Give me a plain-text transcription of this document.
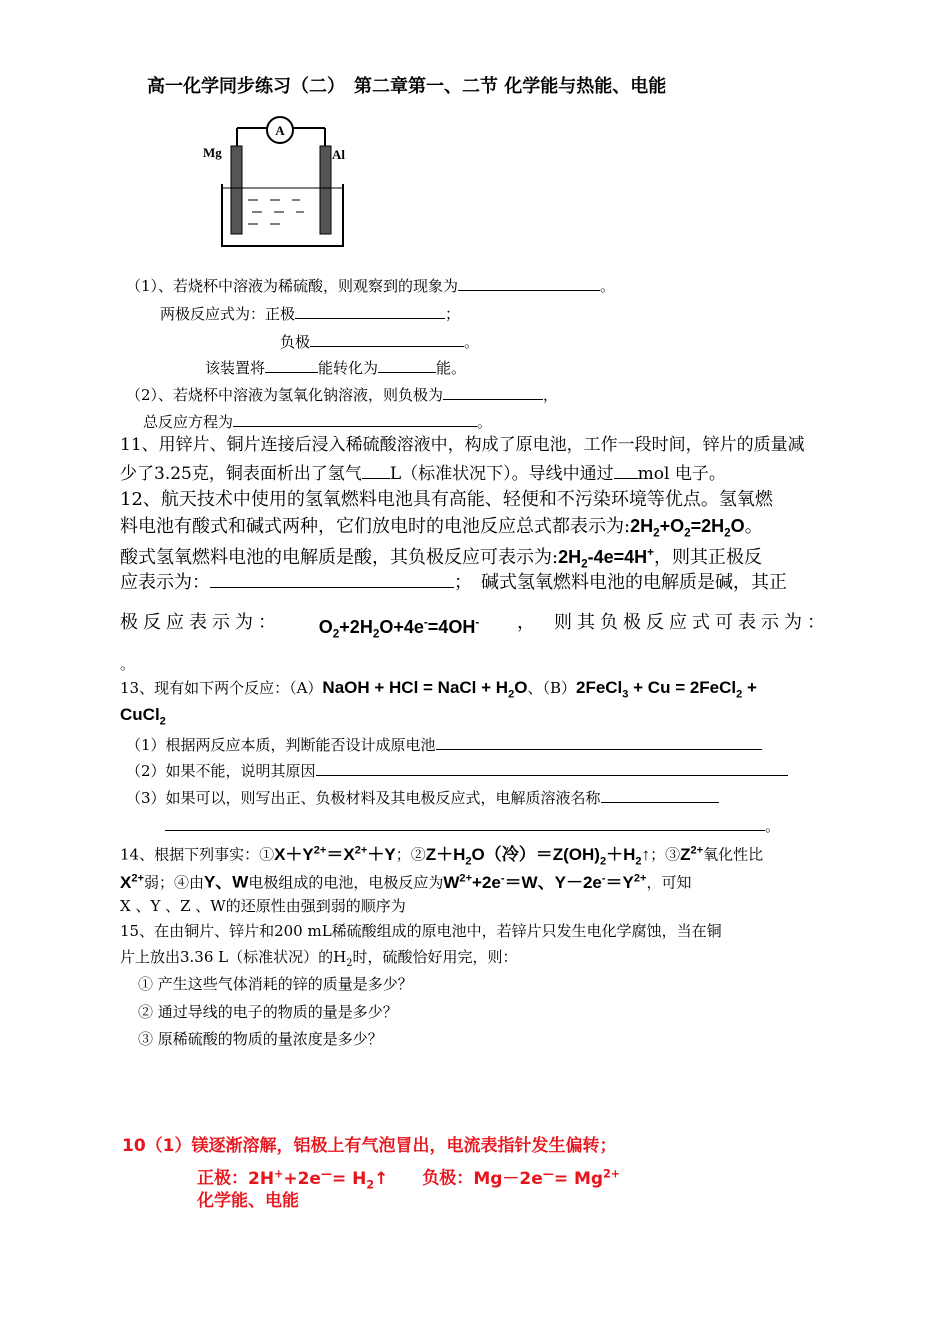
高一化学同步练习（二）　第二章第一、二节 化学能与热能、电能
A
Mg	Al
（1）、若烧杯中溶液为稀硫酸，则观察到的现象为	。
两极反应式为：正极	；
负极	。
该装置将	能转化为	能。
（2）、若烧杯中溶液为氢氧化钠溶液，则负极为	，
总反应方程为	。
11、用锌片、铜片连接后浸入稀硫酸溶液中，构成了原电池，工作一段时间，锌片的质量减
少了3.25克，铜表面析出了氢气 L（标准状况下）。导线中通过 mol 电子。
12、航天技术中使用的氢氧燃料电池具有高能、轻便和不污染环境等优点。氢氧燃
料电池有酸式和碱式两种，它们放电时的电池反应总式都表示为$:2H_2+O_2=2H_2O$。
酸式氢氧燃料电池的电解质是酸，其负极反应可表示为$:2H_2-4e=4H^+$，则其正极反
应表示为：	；　碱式氢氧燃料电池的电解质是碱，其正
极反应表示为： $O_2+2H_2O+4e^-=4OH^-$ ，　则其负极反应式可表示为：
。
13、现有如下两个反应：（A）NaOH + HCl = NaCl + $H_2O$、（B）2FeCl$_3$ + Cu = 2FeCl$_2$ +
CuCl$_2$
（1）根据两反应本质，判断能否设计成原电池
（2）如果不能，说明其原因
（3）如果可以，则写出正、负极材料及其电极反应式，电解质溶液名称
。
14、根据下列事实：$①X+Y^{2+}=X^{2+}+Y$；$②Z+H_2O$（冷）$=Z(OH)_2+H_2↑$；$③Z^{2+}$氧化性比
$X^{2+}$弱；④由Y、W电极组成的电池，电极反应为$W^{2+}+2e^-=W$、$Y-2e^-=Y^{2+}$，可知
X 、Y 、Z 、W的还原性由强到弱的顺序为
15、在由铜片、锌片和200 mL稀硫酸组成的原电池中，若锌片只发生电化学腐蚀，当在铜
片上放出3.36 L（标准状况）的$H_2$时，硫酸恰好用完，则：
① 产生这些气体消耗的锌的质量是多少？
② 通过导线的电子的物质的量是多少？
③ 原稀硫酸的物质的量浓度是多少？
10（1）镁逐渐溶解，铝极上有气泡冒出，电流表指针发生偏转；
正极：$2H^++2e^—= H_2↑$　　 负极：$Mg-2e^—= Mg^{2+}$
化学能、电能
